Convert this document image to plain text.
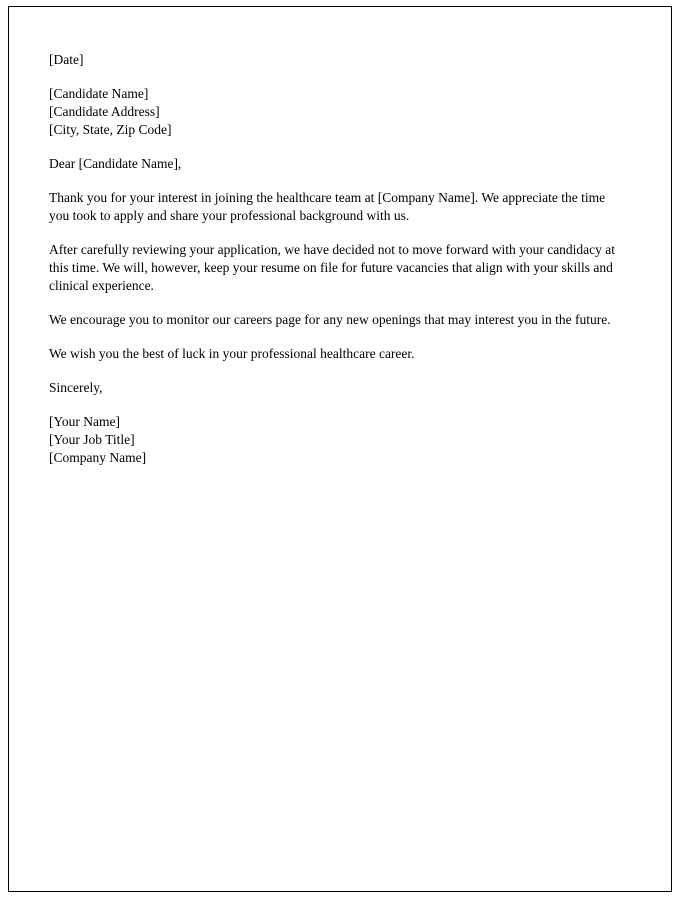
[Date]

[Candidate Name]

[Candidate Address]

[City, State, Zip Code]

Dear [Candidate Name],

Thank you for your interest in joining the healthcare team at [Company Name]. We appreciate the time you took to apply and share your professional background with us.

After carefully reviewing your application, we have decided not to move forward with your candidacy at this time. We will, however, keep your resume on file for future vacancies that align with your skills and clinical experience.

We encourage you to monitor our careers page for any new openings that may interest you in the future.

We wish you the best of luck in your professional healthcare career.

Sincerely,

[Your Name]

[Your Job Title]

[Company Name]
